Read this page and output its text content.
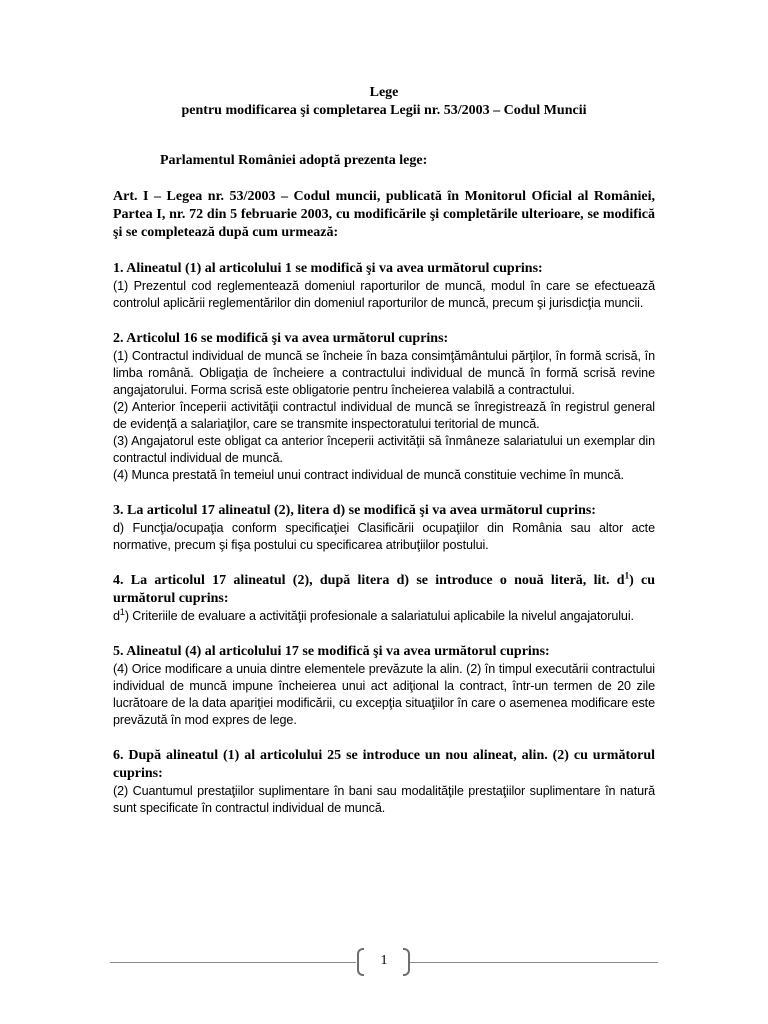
Lege
pentru modificarea şi completarea Legii nr. 53/2003 – Codul Muncii
Parlamentul României adoptă prezenta lege:
Art. I – Legea nr. 53/2003 – Codul muncii, publicată în Monitorul Oficial al României, Partea I, nr. 72 din 5 februarie 2003, cu modificările şi completările ulterioare, se modifică şi se completează după cum urmează:
1. Alineatul (1) al articolului 1 se modifică şi va avea următorul cuprins:
(1) Prezentul cod reglementează domeniul raporturilor de muncă, modul în care se efectuează controlul aplicării reglementărilor din domeniul raporturilor de muncă, precum şi jurisdicţia muncii.
2. Articolul 16 se modifică şi va avea următorul cuprins:
(1) Contractul individual de muncă se încheie în baza consimţământului părţilor, în formă scrisă, în limba română. Obligaţia de încheiere a contractului individual de muncă în formă scrisă revine angajatorului. Forma scrisă este obligatorie pentru încheierea valabilă a contractului.
(2) Anterior începerii activităţii contractul individual de muncă se înregistrează în registrul general de evidenţă a salariaţilor, care se transmite inspectoratului teritorial de muncă.
(3) Angajatorul este obligat ca anterior începerii activităţii să înmâneze salariatului un exemplar din contractul individual de muncă.
(4) Munca prestată în temeiul unui contract individual de muncă constituie vechime în muncă.
3. La articolul 17 alineatul (2), litera d) se modifică şi va avea următorul cuprins:
d) Funcţia/ocupaţia conform specificaţiei Clasificării ocupaţiilor din România sau altor acte normative, precum şi fişa postului cu specificarea atribuţiilor postului.
4. La articolul 17 alineatul (2), după litera d) se introduce o nouă literă, lit. $d^1$) cu următorul cuprins:
$d^1$) Criteriile de evaluare a activităţii profesionale a salariatului aplicabile la nivelul angajatorului.
5. Alineatul (4) al articolului 17 se modifică şi va avea următorul cuprins:
(4) Orice modificare a unuia dintre elementele prevăzute la alin. (2) în timpul executării contractului individual de muncă impune încheierea unui act adiţional la contract, într-un termen de 20 zile lucrătoare de la data apariţiei modificării, cu excepţia situaţiilor în care o asemenea modificare este prevăzută în mod expres de lege.
6. După alineatul (1) al articolului 25 se introduce un nou alineat, alin. (2) cu următorul cuprins:
(2) Cuantumul prestaţiilor suplimentare în bani sau modalităţile prestaţiilor suplimentare în natură sunt specificate în contractul individual de muncă.
1
